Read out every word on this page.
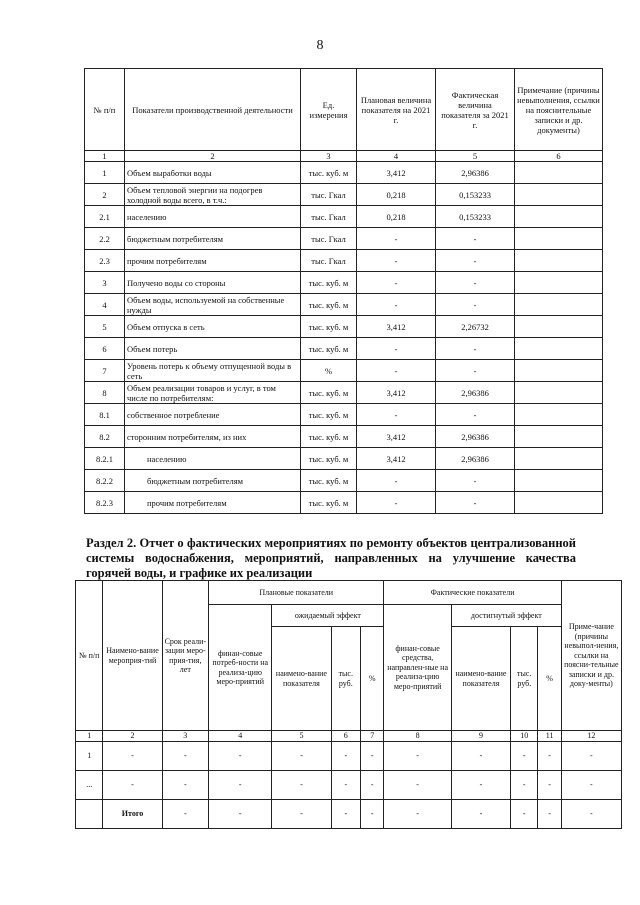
8
№ п/п	Показатели производственной деятельности	Ед. измерения	Плановая величина показателя на 2021 г.	Фактическая величина показателя за 2021 г.	Примечание (причины невыполнения, ссылки на пояснительные записки и др. документы)
1	2	3	4	5	6
1	Объем выработки воды	тыс. куб. м	3,412	2,96386	
2	Объем тепловой энергии на подогрев холодной воды всего, в т.ч.:	тыс. Гкал	0,218	0,153233	
2.1	населению	тыс. Гкал	0,218	0,153233	
2.2	бюджетным потребителям	тыс. Гкал	-	-	
2.3	прочим потребителям	тыс. Гкал	-	-	
3	Получено воды со стороны	тыс. куб. м	-	-	
4	Объем воды, используемой на собственные нужды	тыс. куб. м	-	-	
5	Объем отпуска в сеть	тыс. куб. м	3,412	2,26732	
6	Объем потерь	тыс. куб. м	-	-	
7	Уровень потерь к объему отпущенной воды в сеть	%	-	-	
8	Объем реализации товаров и услуг, в том числе по потребителям:	тыс. куб. м	3,412	2,96386	
8.1	собственное потребление	тыс. куб. м	-	-	
8.2	сторонним потребителям, из них	тыс. куб. м	3,412	2,96386	
8.2.1	населению	тыс. куб. м	3,412	2,96386	
8.2.2	бюджетным потребителям	тыс. куб. м	-	-	
8.2.3	прочим потребителям	тыс. куб. м	-	-	
Раздел 2. Отчет о фактических мероприятиях по ремонту объектов централизованной системы водоснабжения, мероприятий, направленных на улучшение качества горячей воды, и графике их реализации
№ п/п	Наимено-вание мероприя-тий	Срок реали-зации меро-прия-тия, лет	Плановые показатели				Фактические показатели				Приме-чание (причины невыпол-нения, ссылки на поясни-тельные записки и др. доку-менты)
			финан-совые потреб-ности на реализа-цию меро-приятий	ожидаемый эффект			финан-совые средства, направлен-ные на реализа-цию меро-приятий	достигнутый эффект			
				наимено-вание показателя	тыс. руб.	%		наимено-вание показателя	тыс. руб.	%	
1	2	3	4	5	6	7	8	9	10	11	12
1	-	-	-	-	-	-	-	-	-	-	-
...	-	-	-	-	-	-	-	-	-	-	-
	Итого	-	-	-	-	-	-	-	-	-	-
